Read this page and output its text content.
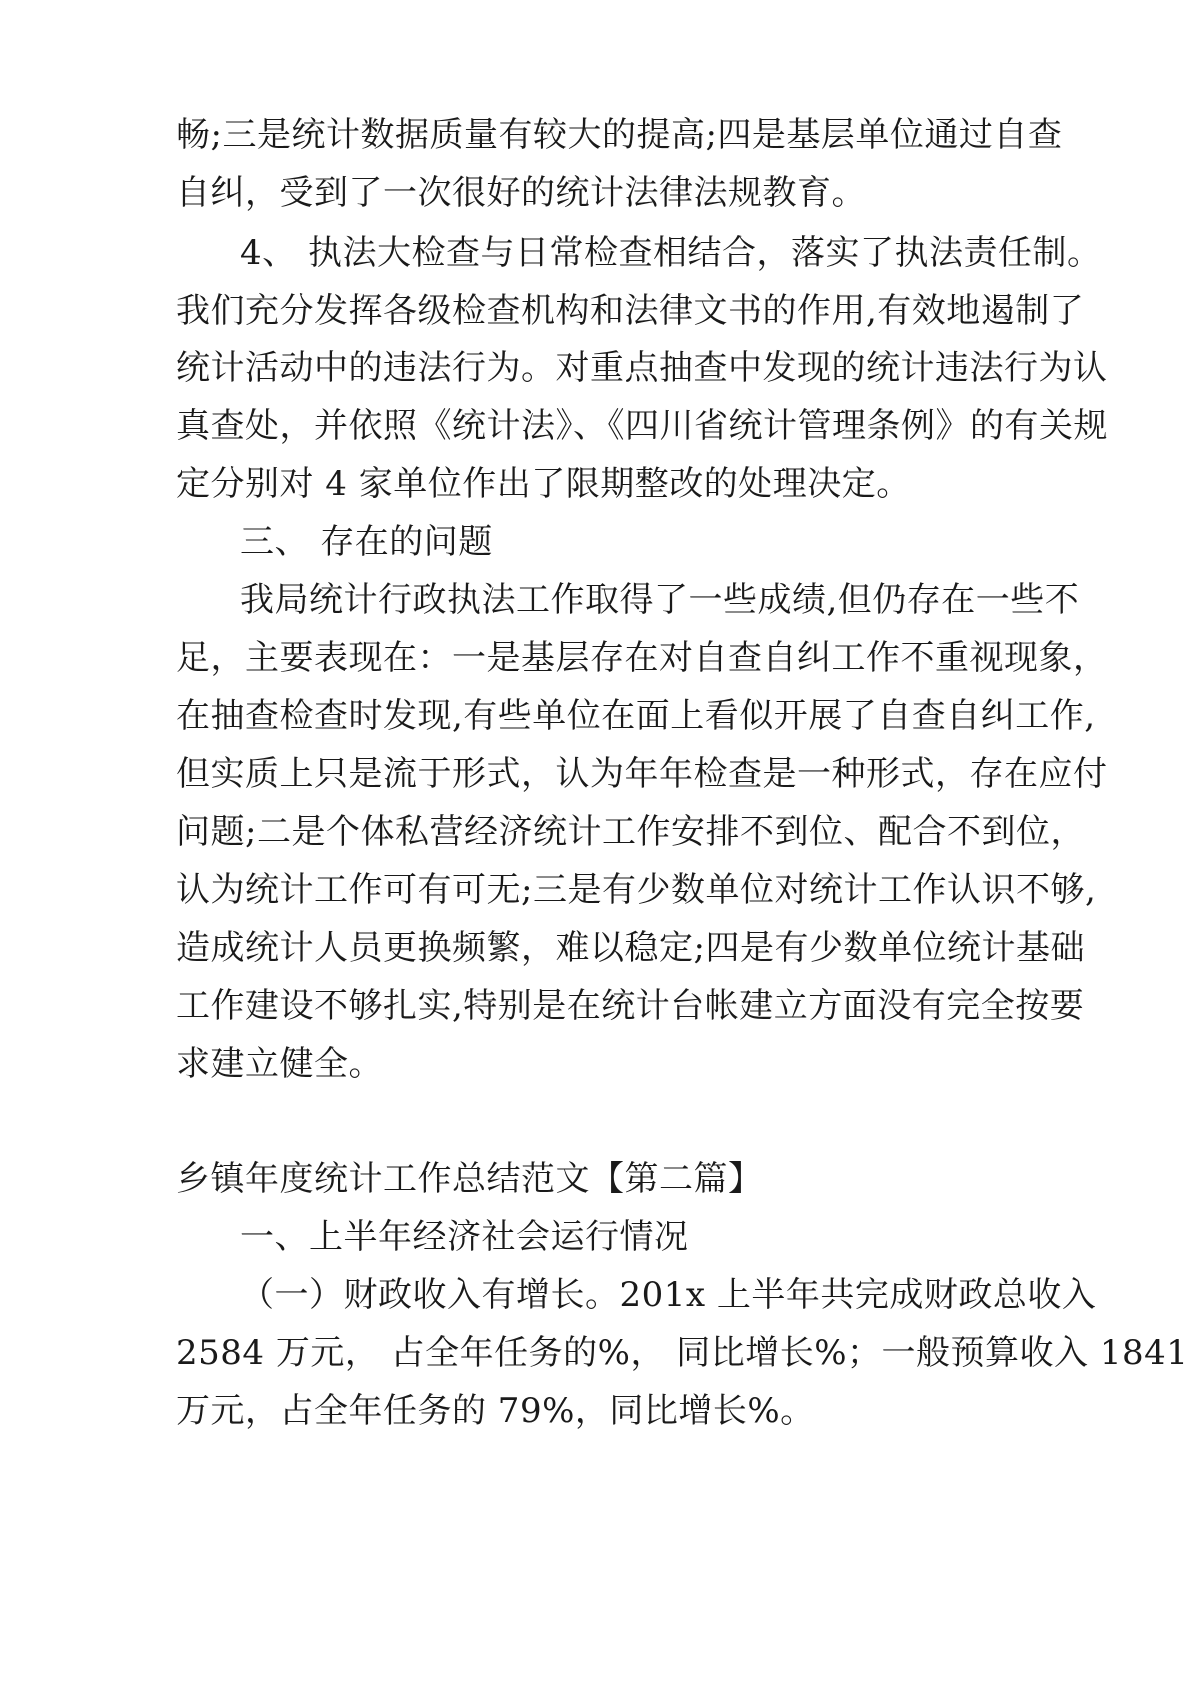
畅;三是统计数据质量有较大的提高;四是基层单位通过自查
自纠，受到了一次很好的统计法律法规教育。
4、 执法大检查与日常检查相结合，落实了执法责任制。
我们充分发挥各级检查机构和法律文书的作用,有效地遏制了
统计活动中的违法行为。对重点抽查中发现的统计违法行为认
真查处，并依照《统计法》、《四川省统计管理条例》的有关规
定分别对 4 家单位作出了限期整改的处理决定。
三、 存在的问题
我局统计行政执法工作取得了一些成绩,但仍存在一些不
足，主要表现在：一是基层存在对自查自纠工作不重视现象，
在抽查检查时发现,有些单位在面上看似开展了自查自纠工作,
但实质上只是流于形式，认为年年检查是一种形式，存在应付
问题;二是个体私营经济统计工作安排不到位、配合不到位，
认为统计工作可有可无;三是有少数单位对统计工作认识不够,
造成统计人员更换频繁，难以稳定;四是有少数单位统计基础
工作建设不够扎实,特别是在统计台帐建立方面没有完全按要
求建立健全。
乡镇年度统计工作总结范文【第二篇】
一、上半年经济社会运行情况
（一）财政收入有增长。201x 上半年共完成财政总收入
2584 万元， 占全年任务的%， 同比增长%；一般预算收入 1841
万元，占全年任务的 79%，同比增长%。
